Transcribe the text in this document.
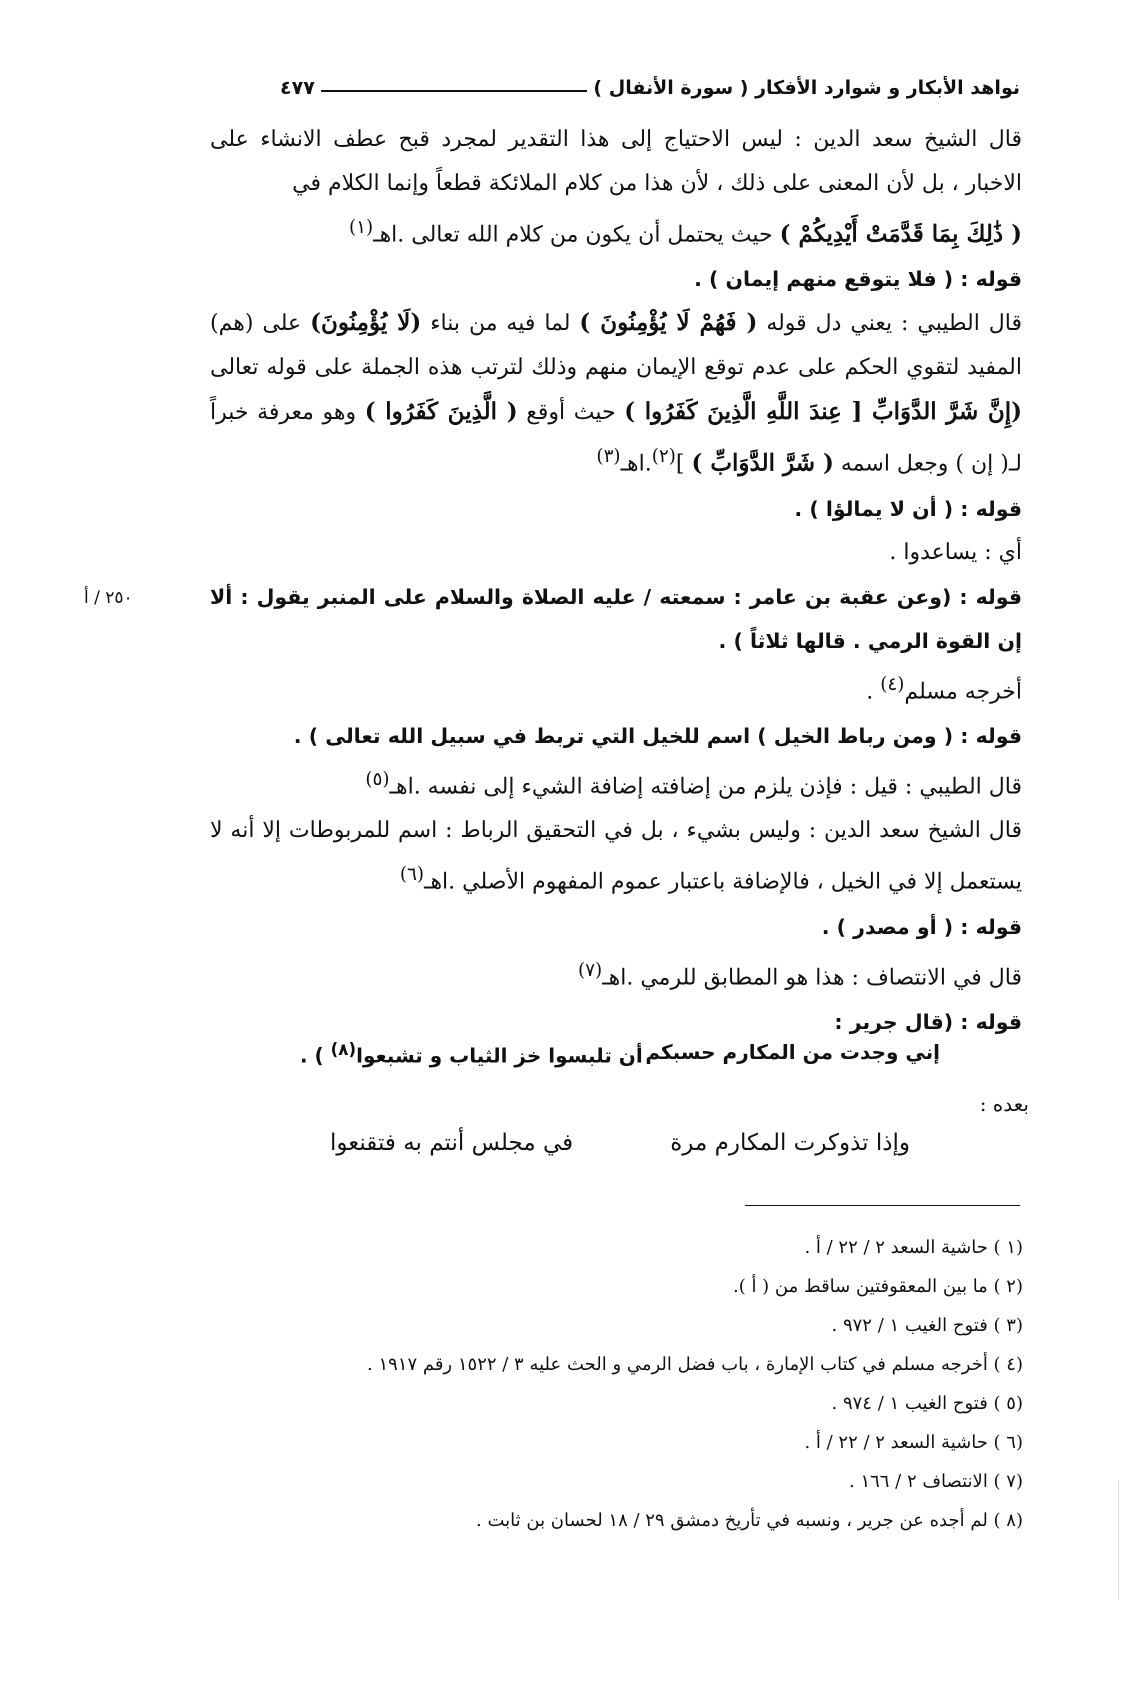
نواهد الأبكار و شوارد الأفكار ( سورة الأنفال )
٤٧٧
٢٥٠ / أ

قال الشيخ سعد الدين : ليس الاحتياج إلى هذا التقدير لمجرد قبح عطف الانشاء على الاخبار ، بل لأن المعنى على ذلك ، لأن هذا من كلام الملائكة قطعاً وإنما الكلام في

( ذَٰلِكَ بِمَا قَدَّمَتْ أَيْدِيكُمْ ) حيث يحتمل أن يكون من كلام الله تعالى .اهـ$^{(١)}$

قوله : ( فلا يتوقع منهم إيمان ) .

قال الطيبي : يعني دل قوله ( فَهُمْ لَا يُؤْمِنُونَ ) لما فيه من بناء (لَا يُؤْمِنُونَ) على (هم) المفيد لتقوي الحكم على عدم توقع الإيمان منهم وذلك لترتب هذه الجملة على قوله تعالى (إِنَّ شَرَّ الدَّوَابِّ [ عِندَ اللَّهِ الَّذِينَ كَفَرُوا ) حيث أوقع ( الَّذِينَ كَفَرُوا ) وهو معرفة خبراً لـ( إن ) وجعل اسمه ( شَرَّ الدَّوَابِّ ) ]$^{(٢)}$.اهـ$^{(٣)}$

قوله : ( أن لا يمالؤا ) .

أي : يساعدوا .

قوله : (وعن عقبة بن عامر : سمعته / عليه الصلاة والسلام على المنبر يقول : ألا إن القوة الرمي . قالها ثلاثاً ) .

أخرجه مسلم$^{(٤)}$ .

قوله : ( ومن رباط الخيل ) اسم للخيل التي تربط في سبيل الله تعالى ) .

قال الطيبي : قيل : فإذن يلزم من إضافته إضافة الشيء إلى نفسه .اهـ$^{(٥)}$

قال الشيخ سعد الدين : وليس بشيء ، بل في التحقيق الرباط : اسم للمربوطات إلا أنه لا يستعمل إلا في الخيل ، فالإضافة باعتبار عموم المفهوم الأصلي .اهـ$^{(٦)}$

قوله : ( أو مصدر ) .

قال في الانتصاف : هذا هو المطابق للرمي .اهـ$^{(٧)}$

قوله : (قال جرير :

إني وجدت من المكارم حسبكم
أن تلبسوا خز الثياب و تشبعوا$^{(٨)}$ ) .
بعده :
وإذا تذوكرت المكارم مرة
في مجلس أنتم به فتقنعوا
(١ ) حاشية السعد ٢ / ٢٢ / أ .
(٢ ) ما بين المعقوفتين ساقط من ( أ ).
(٣ ) فتوح الغيب ١ / ٩٧٢ .
(٤ ) أخرجه مسلم في كتاب الإمارة ، باب فضل الرمي و الحث عليه ٣ / ١٥٢٢ رقم ١٩١٧ .
(٥ ) فتوح الغيب ١ / ٩٧٤ .
(٦ ) حاشية السعد ٢ / ٢٢ / أ .
(٧ ) الانتصاف ٢ / ١٦٦ .
(٨ ) لم أجده عن جرير ، ونسبه في تأريخ دمشق ٢٩ / ١٨ لحسان بن ثابت .
